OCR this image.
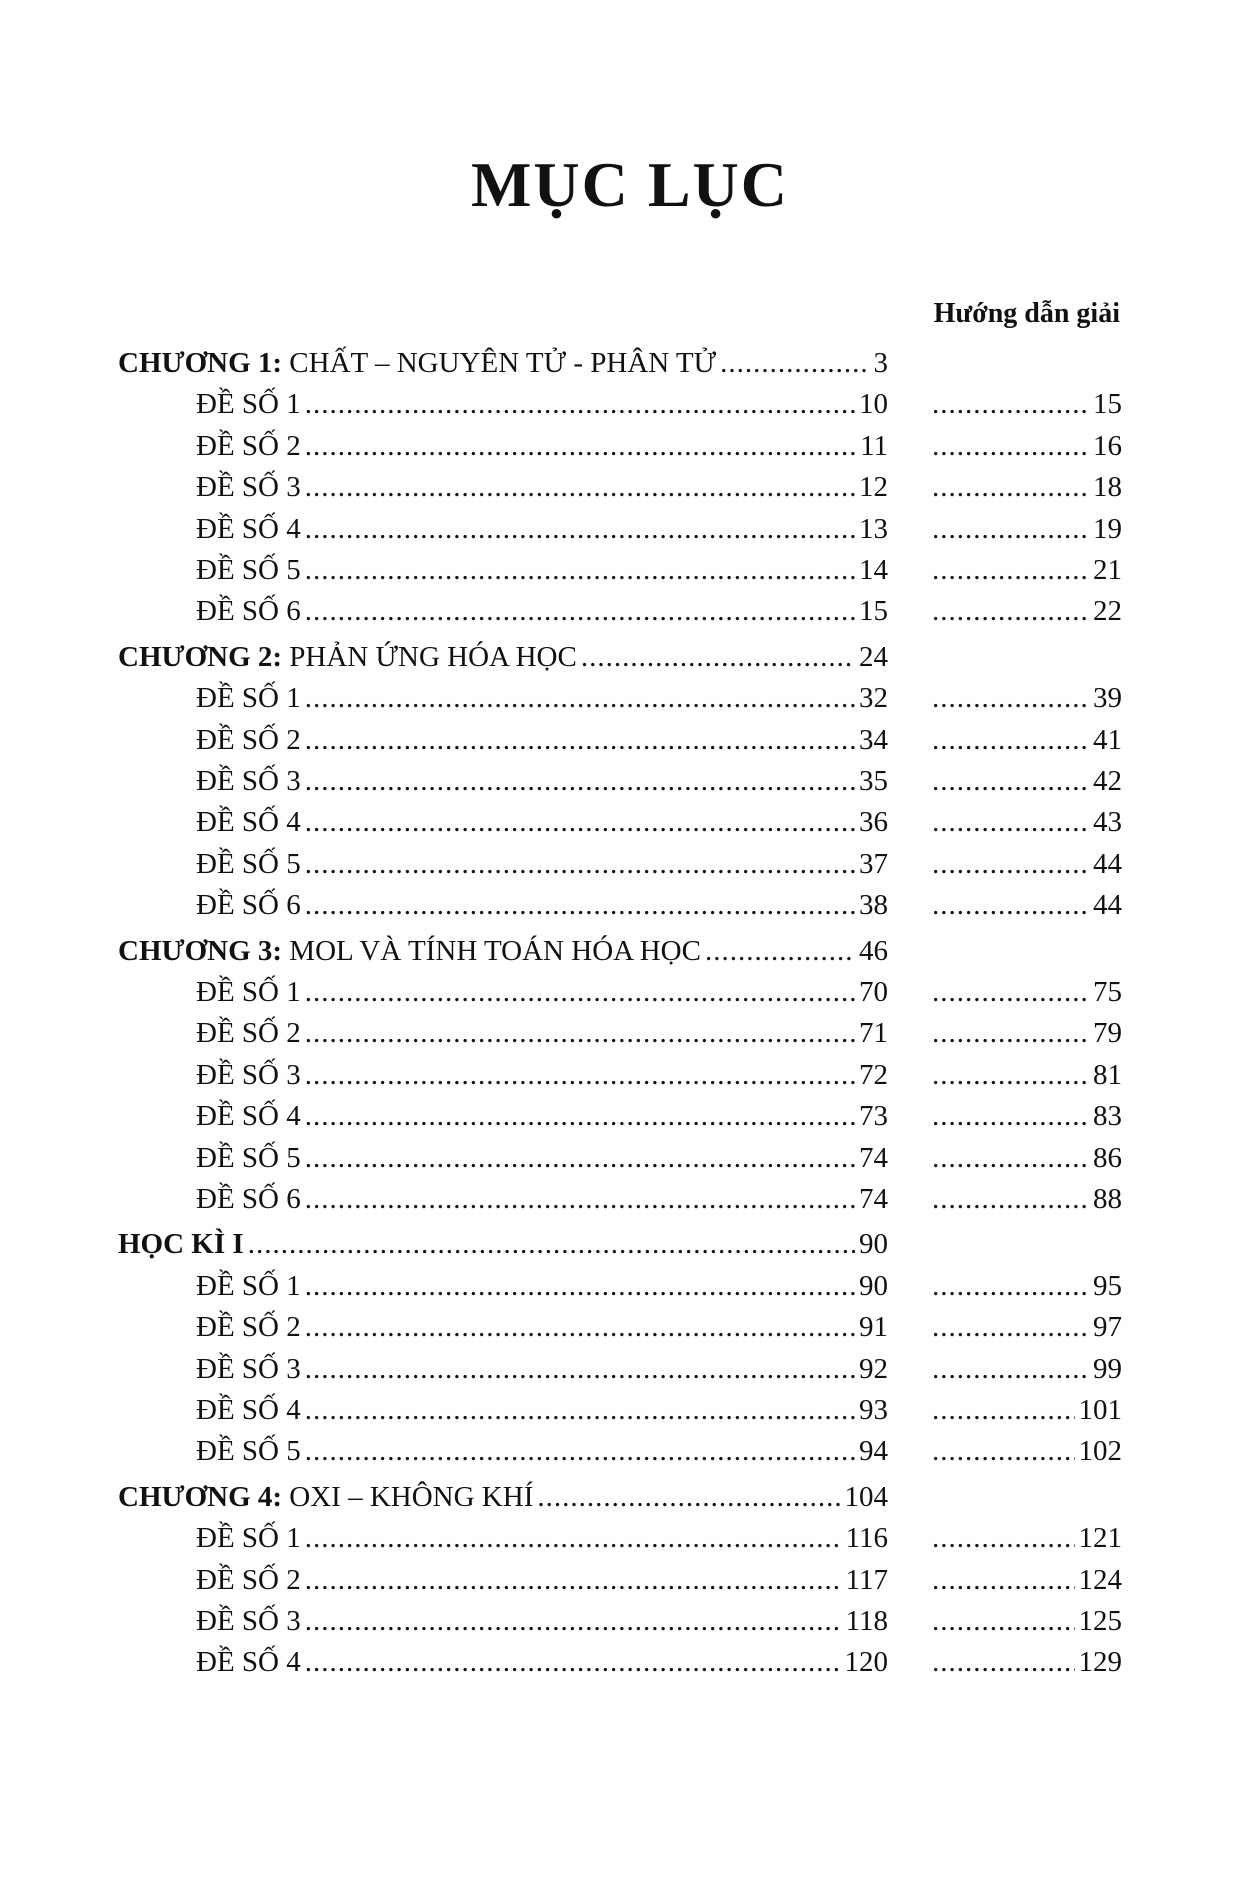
MỤC LỤC
Hướng dẫn giải
CHƯƠNG 1: CHẤT – NGUYÊN TỬ - PHÂN TỬ .....	3
ĐỀ SỐ 1 .....	10 .....	15
ĐỀ SỐ 2 .....	11 .....	16
ĐỀ SỐ 3 .....	12 .....	18
ĐỀ SỐ 4 .....	13 .....	19
ĐỀ SỐ 5 .....	14 .....	21
ĐỀ SỐ 6 .....	15 .....	22
CHƯƠNG 2: PHẢN ỨNG HÓA HỌC .....	24
ĐỀ SỐ 1 .....	32 .....	39
ĐỀ SỐ 2 .....	34 .....	41
ĐỀ SỐ 3 .....	35 .....	42
ĐỀ SỐ 4 .....	36 .....	43
ĐỀ SỐ 5 .....	37 .....	44
ĐỀ SỐ 6 .....	38 .....	44
CHƯƠNG 3: MOL VÀ TÍNH TOÁN HÓA HỌC .....	46
ĐỀ SỐ 1 .....	70 .....	75
ĐỀ SỐ 2 .....	71 .....	79
ĐỀ SỐ 3 .....	72 .....	81
ĐỀ SỐ 4 .....	73 .....	83
ĐỀ SỐ 5 .....	74 .....	86
ĐỀ SỐ 6 .....	74 .....	88
HỌC KÌ I .....	90
ĐỀ SỐ 1 .....	90 .....	95
ĐỀ SỐ 2 .....	91 .....	97
ĐỀ SỐ 3 .....	92 .....	99
ĐỀ SỐ 4 .....	93 .....	101
ĐỀ SỐ 5 .....	94 .....	102
CHƯƠNG 4: OXI – KHÔNG KHÍ .....	104
ĐỀ SỐ 1 .....	116 .....	121
ĐỀ SỐ 2 .....	117 .....	124
ĐỀ SỐ 3 .....	118 .....	125
ĐỀ SỐ 4 .....	120 .....	129
